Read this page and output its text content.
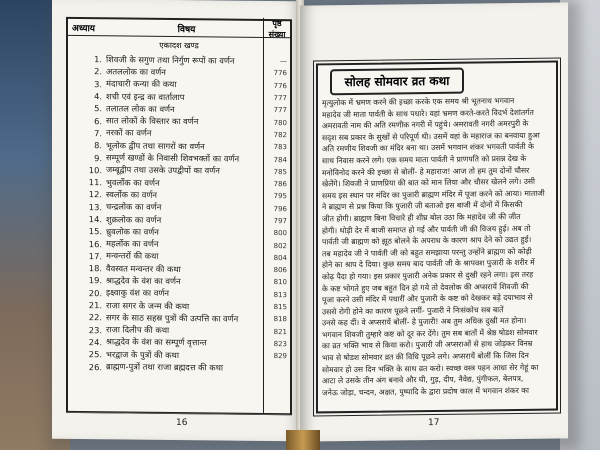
अध्याय	विषय
पृष्ठ संख्या
एकादश खण्ड
1. शिवजी के सगुण तथा निर्गुण रूपों का वर्णन	—
2. अतललोक का वर्णन	776
3. मंदाचारी कन्या की कथा	776
4. शची एवं इन्द्र का वार्तालाप	777
5. तलातल लोक का वर्णन	777
6. सात लोकों के विस्तार का वर्णन	780
7. नरकों का वर्णन	782
8. भूलोक द्वीप तथा सागरों का वर्णन	783
9. सम्पूर्ण खण्डों के निवासी शिवभक्तों का वर्णन	784
10. जम्बूद्वीप तथा उसके उपद्वीपों का वर्णन	785
11. भुवर्लोक का वर्णन	786
12. स्वर्लोक का वर्णन	795
13. चन्द्रलोक का वर्णन	796
14. शुक्रलोक का वर्णन	797
15. ध्रुवलोक का वर्णन	800
16. महर्लोक का वर्णन	802
17. मन्वन्तरों की कथा	804
18. वैवस्वत मन्वन्तर की कथा	806
19. श्राद्धदेव के वंश का वर्णन	810
20. इक्ष्वाकु वंश का वर्णन	813
21. राजा सगर के जन्म की कथा	815
22. सगर के साठ सहस्र पुत्रों की उत्पत्ति का वर्णन	818
23. राजा दिलीप की कथा	821
24. श्राद्धदेव के वंश का सम्पूर्ण वृत्तान्त	823
25. भरद्वाज के पुत्रों की कथा	829
26. ब्राह्मण-पुत्रों तथा राजा ब्रह्मदत्त की कथा
16
सोलह सोमवार व्रत कथा
मृत्युलोक में भ्रमण करने की इच्छा करके एक समय श्री भूतनाथ भगवान
महादेव जी माता पार्वती के साथ पधारे। वहां भ्रमण करते-करते विदर्भ देशांतर्गत
अमरावती नाम की अति रमणीक नगरी में पहुंचे। अमरावती नगरी अमरपुरी के
सदृश सब प्रकार के सुखों से परिपूर्ण थी। उसमें वहां के महाराज का बनवाया हुआ
अति रमणीय शिवजी का मंदिर बना था। उसमें भगवान शंकर भगवती पार्वती के
साथ निवास करने लगे। एक समय माता पार्वती ने प्राणपति को प्रसन्न देख के
मनोविनोद करने की इच्छा से बोलीं- हे महाराज! आज तो हम तुम दोनों चौसर
खेलेंगे। शिवजी ने प्राणप्रिया की बात को मान लिया और चौसर खेलने लगे। उसी
समय इस स्थान पर मंदिर का पुजारी ब्राह्मण मंदिर में पूजा करने को आया। माताजी
ने ब्राह्मण से प्रश्न किया कि पुजारी जी बताओ इस बाजी में दोनों में किसकी
जीत होगी। ब्राह्मण बिना विचारे ही शीघ्र बोल उठा कि महादेव जी की जीत
होगी। थोड़ी देर में बाजी समाप्त हो गई और पार्वती जी की विजय हुई। अब तो
पार्वती जी ब्राह्मण को झूठ बोलने के अपराध के कारण श्राप देने को उद्यत हुईं।
तब महादेव जी ने पार्वती जी को बहुत समझाया परन्तु उन्होंने ब्राह्मण को कोढ़ी
होने का श्राप दे दिया। कुछ समय बाद पार्वती जी के श्रापवश पुजारी के शरीर में
कोढ़ पैदा हो गया। इस प्रकार पुजारी अनेक प्रकार से दुखी रहने लगा। इस तरह
के कष्ट भोगते हुए जब बहुत दिन हो गये तो देवलोक की अप्सरायें शिवजी की
पूजा करने उसी मंदिर में पधारीं और पुजारी के कष्ट को देखकर बड़े दयाभाव से
उससे रोगी होने का कारण पूछने लगीं- पुजारी ने निःसंकोच सब बातें
उनसे कह दीं। वे अप्सरायें बोलीं- हे पुजारी! अब तुम अधिक दुखी मत होना।
भगवान शिवजी तुम्हारे कष्ट को दूर कर देंगे। तुम सब बातों में श्रेष्ठ षोडश सोमवार
का व्रत भक्ति भाव से किया करो। पुजारी जी अप्सराओं से हाथ जोड़कर विनम्र
भाव से षोडश सोमवार व्रत की विधि पूछने लगे। अप्सरायें बोलीं कि जिस दिन
सोमवार हो उस दिन भक्ति के साथ व्रत करो। स्वच्छ वस्त्र पहन आधा सेर गेहूं का
आटा ले उसके तीन अंग बनावे और घी, गुड़, दीप, नैवेद्य, पुंगीफल, बेलपत्र,
जनेऊ जोड़ा, चन्दन, अक्षत, पुष्पादि के द्वारा प्रदोष काल में भगवान शंकर का
17
